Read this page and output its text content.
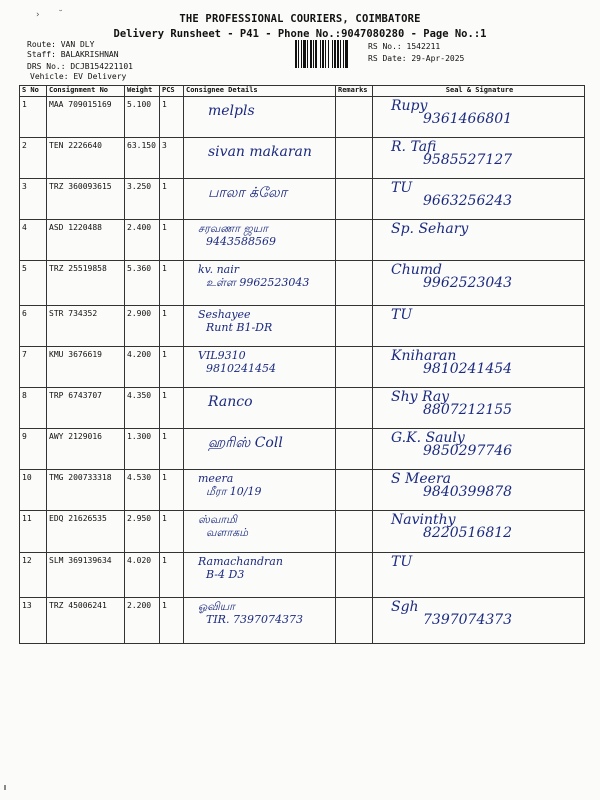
› ˘	THE PROFESSIONAL COURIERS, COIMBATORE
Delivery Runsheet - P41 - Phone No.:9047080280 - Page No.:1
Route: VAN DLY
Staff: BALAKRISHNAN
DRS No.: DCJB154221101
Vehicle: EV Delivery
RS No.: 1542211
RS Date: 29-Apr-2025
S No	Consignment No	Weight	PCS	Consignee Details	Remarks	Seal & Signature

1	MAA 709015169	5.100	1	melpls		Rupy
9361466801

2	TEN 2226640	63.150	3	sivan makaran		R. Tafi
9585527127

3	TRZ 360093615	3.250	1	பாலா க்லோ		TU
9663256243

4	ASD 1220488	2.400	1	சரவணா ஜயா
9443588569		Sp. Sehary

5	TRZ 25519858	5.360	1	kv. nair
உள்ள 9962523043		Chumd
9962523043

6	STR 734352	2.900	1	Seshayee
Runt B1-DR		TU

7	KMU 3676619	4.200	1	VIL9310
9810241454		Kniharan
9810241454

8	TRP 6743707	4.350	1	Ranco		Shy Ray
8807212155

9	AWY 2129016	1.300	1	ஹரிஸ் Coll		G.K. Sauly
9850297746

10	TMG 200733318	4.530	1	meera
மீரா 10/19		S Meera
9840399878

11	EDQ 21626535	2.950	1	ஸ்வாமி
வளாகம்		Navinthy
8220516812

12	SLM 369139634	4.020	1	Ramachandran
B-4 D3		TU

13	TRZ 45006241	2.200	1	ஓவியா
TIR. 7397074373		Sgh
7397074373
